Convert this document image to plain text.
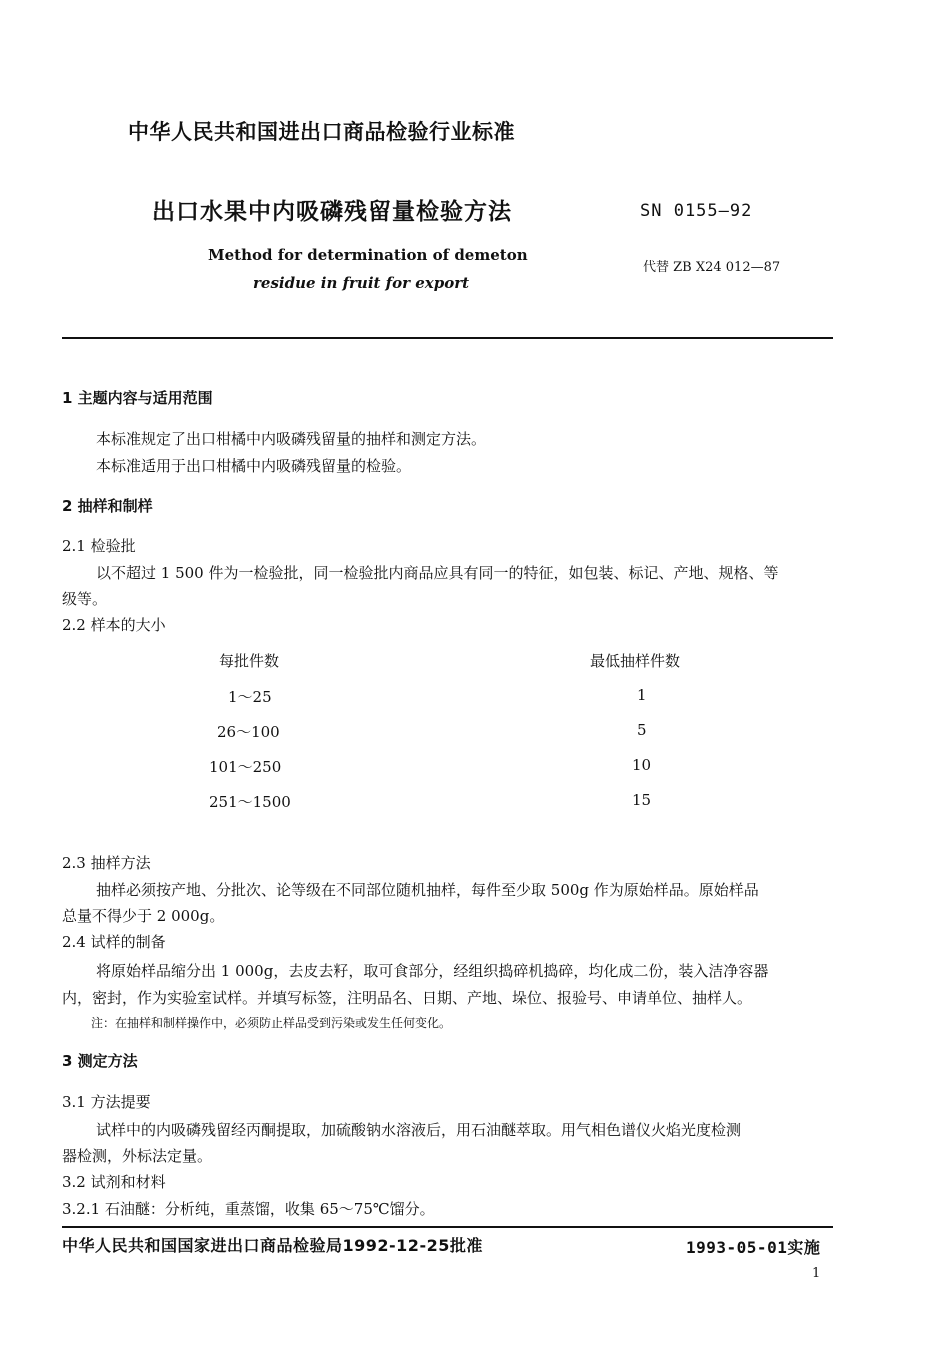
中华人民共和国进出口商品检验行业标准
出口水果中内吸磷残留量检验方法	SN 0155—92
Method for determination of demeton
residue in fruit for export
代替 ZB X24 012—87
1 主题内容与适用范围
本标准规定了出口柑橘中内吸磷残留量的抽样和测定方法。
本标准适用于出口柑橘中内吸磷残留量的检验。
2 抽样和制样
2.1 检验批
以不超过 1 500 件为一检验批，同一检验批内商品应具有同一的特征，如包装、标记、产地、规格、等
级等。
2.2 样本的大小
每批件数	最低抽样件数
1～25	1
26～100	5
101～250	10
251～1500	15
2.3 抽样方法
抽样必须按产地、分批次、论等级在不同部位随机抽样，每件至少取 500g 作为原始样品。原始样品
总量不得少于 2 000g。
2.4 试样的制备
将原始样品缩分出 1 000g，去皮去籽，取可食部分，经组织捣碎机捣碎，均化成二份，装入洁净容器
内，密封，作为实验室试样。并填写标签，注明品名、日期、产地、垛位、报验号、申请单位、抽样人。
注：在抽样和制样操作中，必须防止样品受到污染或发生任何变化。
3 测定方法
3.1 方法提要
试样中的内吸磷残留经丙酮提取，加硫酸钠水溶液后，用石油醚萃取。用气相色谱仪火焰光度检测
器检测，外标法定量。
3.2 试剂和材料
3.2.1 石油醚：分析纯，重蒸馏，收集 65～75℃馏分。
中华人民共和国国家进出口商品检验局1992-12-25批准	1993-05-01实施
1
